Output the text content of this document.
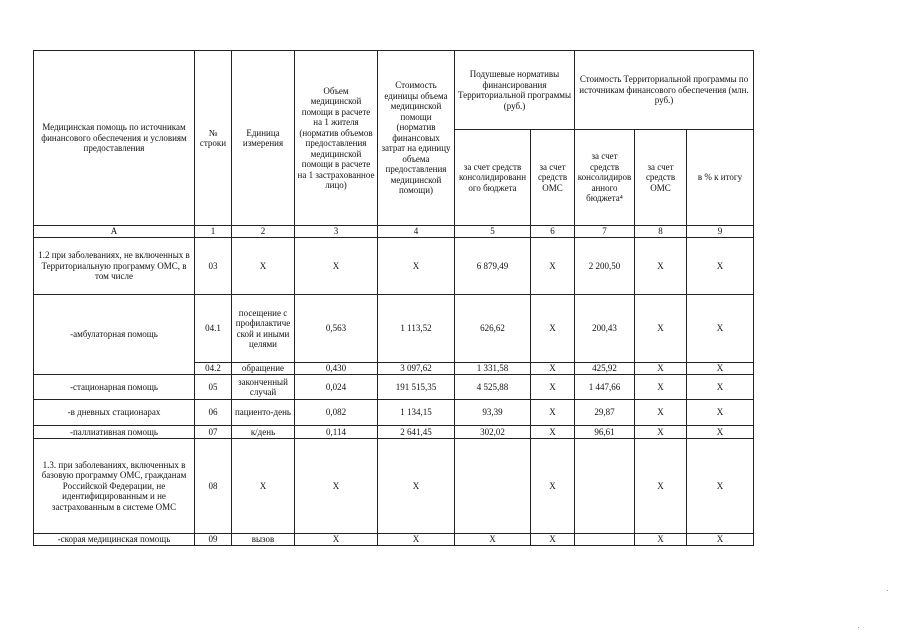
Медицинская помощь по источникам финансового обеспечения и условиям предоставления	№ строки	Единица измерения	Объем медицинской помощи в расчете на 1 жителя (норматив объемов предоставления медицинской помощи в расчете на 1 застрахованное лицо)	Стоимость единицы объема медицинской помощи (норматив финансовых затрат на единицу объема предоставления медицинской помощи)	Подушевые нормативы финансирования Территориальной программы (руб.)		Стоимость Территориальной программы по источникам финансового обеспечения (млн. руб.)		
					за счет средств консолидированного бюджета	за счет средств ОМС	за счет средств консолидированного бюджета⁴	за счет средств ОМС	в % к итогу
А	1	2	3	4	5	6	7	8	9
1.2 при заболеваниях, не включенных в Территориальную программу ОМС, в том числе	03	Х	Х	Х	6 879,49	Х	2 200,50	Х	Х
-амбулаторная помощь	04.1	посещение с профилактической и иными целями	0,563	1 113,52	626,62	Х	200,43	Х	Х
	04.2	обращение	0,430	3 097,62	1 331,58	Х	425,92	Х	Х
-стационарная помощь	05	законченный случай	0,024	191 515,35	4 525,88	Х	1 447,66	Х	Х
-в дневных стационарах	06	пациенто-день	0,082	1 134,15	93,39	Х	29,87	Х	Х
-паллиативная помощь	07	к/день	0,114	2 641,45	302,02	Х	96,61	Х	Х
1.3. при заболеваниях, включенных в базовую программу ОМС, гражданам Российской Федерации, не идентифицированным и не застрахованным в системе ОМС	08	Х	Х	Х		Х		Х	Х
-скорая медицинская помощь	09	вызов	Х	Х	Х	Х		Х	Х
